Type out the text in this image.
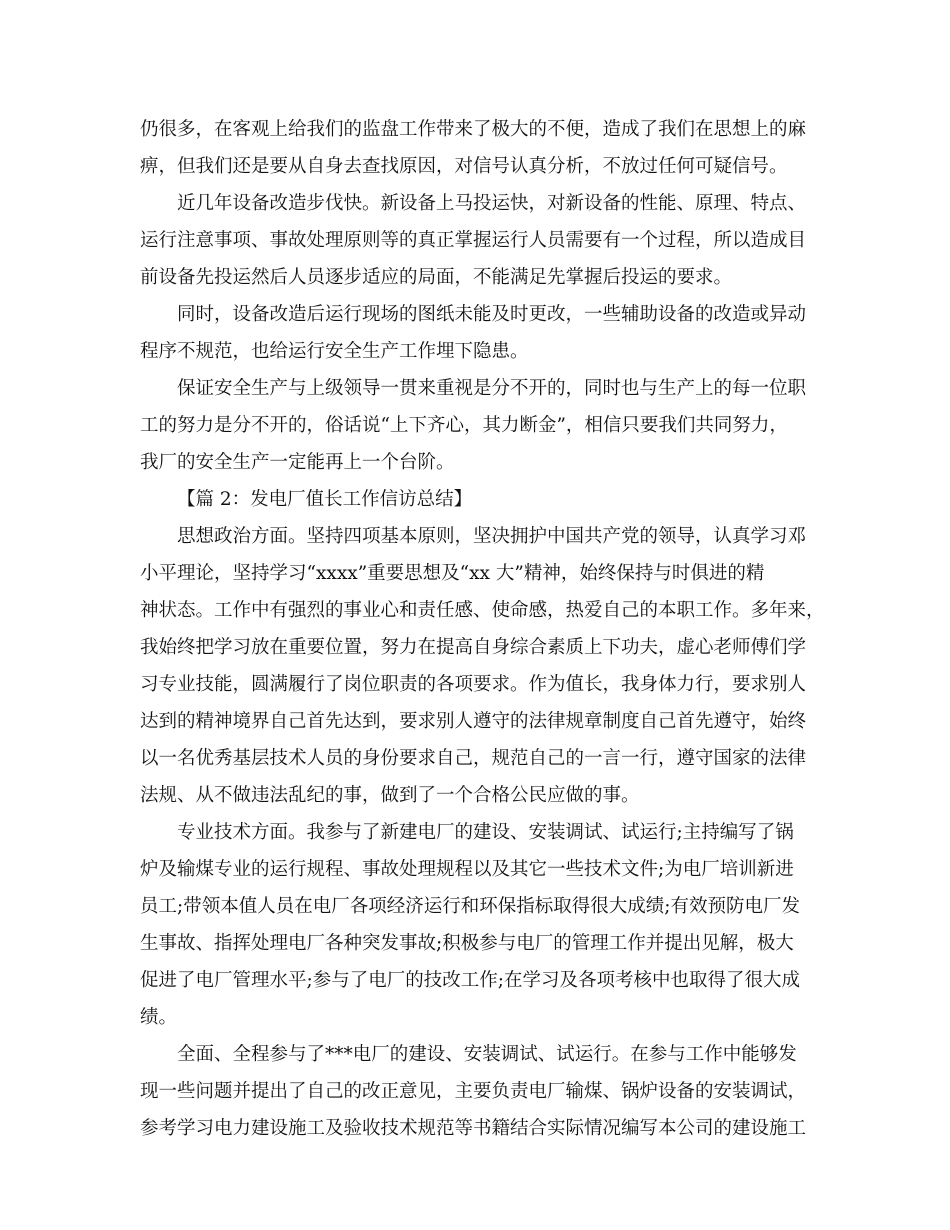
仍很多，在客观上给我们的监盘工作带来了极大的不便，造成了我们在思想上的麻
痹，但我们还是要从自身去查找原因，对信号认真分析，不放过任何可疑信号。
近几年设备改造步伐快。新设备上马投运快，对新设备的性能、原理、特点、
运行注意事项、事故处理原则等的真正掌握运行人员需要有一个过程，所以造成目
前设备先投运然后人员逐步适应的局面，不能满足先掌握后投运的要求。
同时，设备改造后运行现场的图纸未能及时更改，一些辅助设备的改造或异动
程序不规范，也给运行安全生产工作埋下隐患。
保证安全生产与上级领导一贯来重视是分不开的，同时也与生产上的每一位职
工的努力是分不开的，俗话说“上下齐心，其力断金”，相信只要我们共同努力，
我厂的安全生产一定能再上一个台阶。
【篇 2：发电厂值长工作信访总结】
思想政治方面。坚持四项基本原则，坚决拥护中国共产党的领导，认真学习邓
小平理论，坚持学习“xxxx”重要思想及“xx 大”精神，始终保持与时俱进的精
神状态。工作中有强烈的事业心和责任感、使命感，热爱自己的本职工作。多年来，
我始终把学习放在重要位置，努力在提高自身综合素质上下功夫，虚心老师傅们学
习专业技能，圆满履行了岗位职责的各项要求。作为值长，我身体力行，要求别人
达到的精神境界自己首先达到，要求别人遵守的法律规章制度自己首先遵守，始终
以一名优秀基层技术人员的身份要求自己，规范自己的一言一行，遵守国家的法律
法规、从不做违法乱纪的事，做到了一个合格公民应做的事。
专业技术方面。我参与了新建电厂的建设、安装调试、试运行;主持编写了锅
炉及输煤专业的运行规程、事故处理规程以及其它一些技术文件;为电厂培训新进
员工;带领本值人员在电厂各项经济运行和环保指标取得很大成绩;有效预防电厂发
生事故、指挥处理电厂各种突发事故;积极参与电厂的管理工作并提出见解，极大
促进了电厂管理水平;参与了电厂的技改工作;在学习及各项考核中也取得了很大成
绩。
全面、全程参与了***电厂的建设、安装调试、试运行。在参与工作中能够发
现一些问题并提出了自己的改正意见，主要负责电厂输煤、锅炉设备的安装调试，
参考学习电力建设施工及验收技术规范等书籍结合实际情况编写本公司的建设施工
